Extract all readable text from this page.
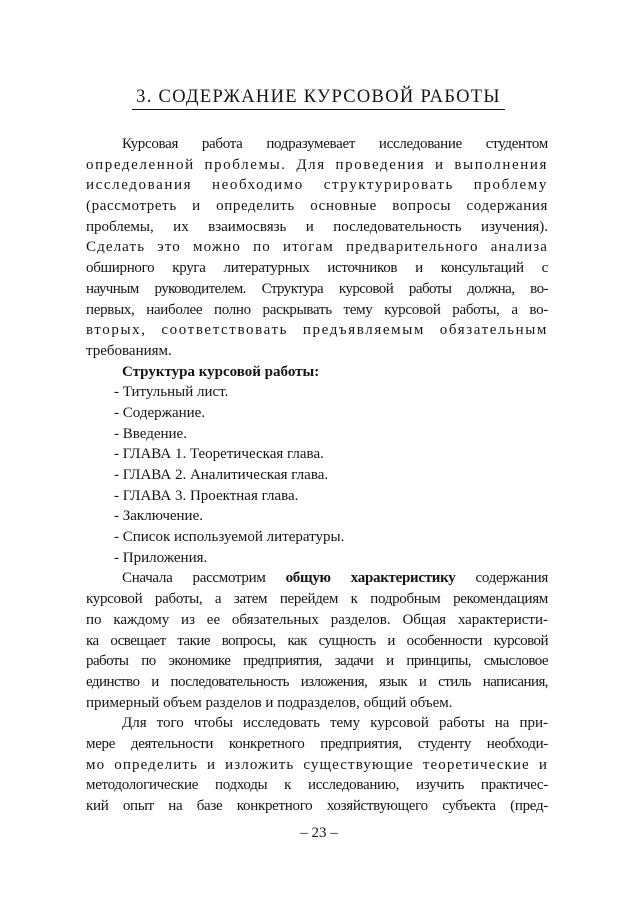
3. СОДЕРЖАНИЕ КУРСОВОЙ РАБОТЫ
Курсовая работа подразумевает исследование студентом
определенной проблемы. Для проведения и выполнения
исследования необходимо структурировать проблему
(рассмотреть и определить основные вопросы содержания
проблемы, их взаимосвязь и последовательность изучения).
Сделать это можно по итогам предварительного анализа
обширного круга литературных источников и консультаций с
научным руководителем. Структура курсовой работы должна, во-
первых, наиболее полно раскрывать тему курсовой работы, а во-
вторых, соответствовать предъявляемым обязательным
требованиям.
Структура курсовой работы:
- Титульный лист.
- Содержание.
- Введение.
- ГЛАВА 1. Теоретическая глава.
- ГЛАВА 2. Аналитическая глава.
- ГЛАВА 3. Проектная глава.
- Заключение.
- Список используемой литературы.
- Приложения.
Сначала рассмотрим общую характеристику содержания
курсовой работы, а затем перейдем к подробным рекомендациям
по каждому из ее обязательных разделов. Общая характеристи-
ка освещает такие вопросы, как сущность и особенности курсовой
работы по экономике предприятия, задачи и принципы, смысловое
единство и последовательность изложения, язык и стиль написания,
примерный объем разделов и подразделов, общий объем.
Для того чтобы исследовать тему курсовой работы на при-
мере деятельности конкретного предприятия, студенту необходи-
мо определить и изложить существующие теоретические и
методологические подходы к исследованию, изучить практичес-
кий опыт на базе конкретного хозяйствующего субъекта (пред-
– 23 –
